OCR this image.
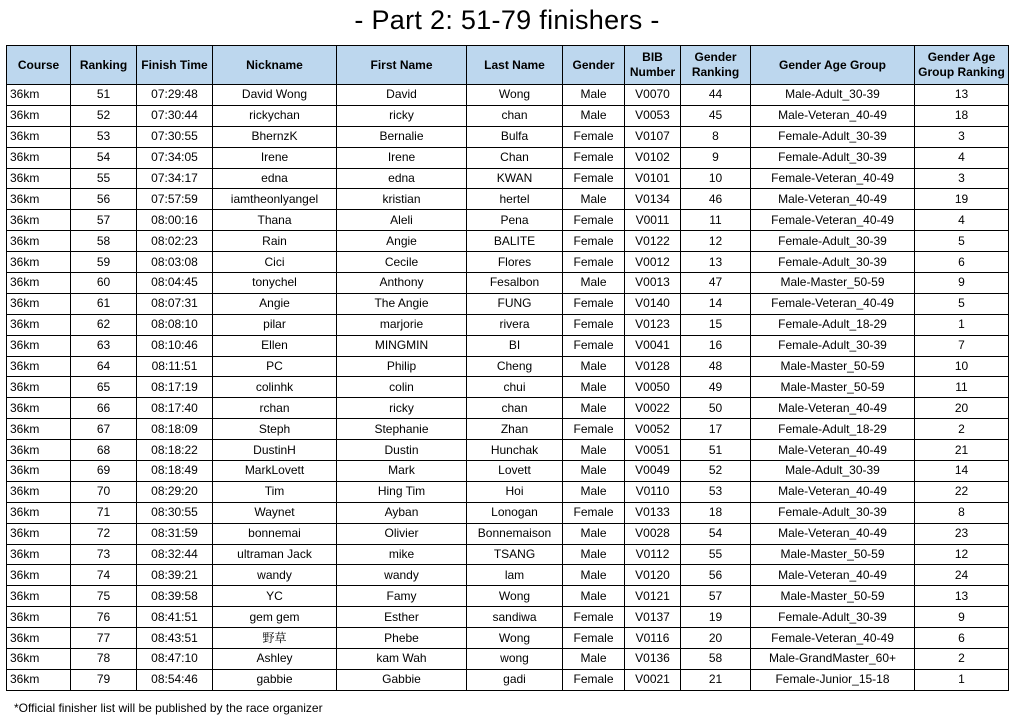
- Part 2: 51-79 finishers -
Course	Ranking	Finish Time	Nickname	First Name	Last Name	Gender	BIB Number	Gender Ranking	Gender Age Group	Gender Age Group Ranking
36km	51	07:29:48	David Wong	David	Wong	Male	V0070	44	Male-Adult_30-39	13
36km	52	07:30:44	rickychan	ricky	chan	Male	V0053	45	Male-Veteran_40-49	18
36km	53	07:30:55	BhernzK	Bernalie	Bulfa	Female	V0107	8	Female-Adult_30-39	3
36km	54	07:34:05	Irene	Irene	Chan	Female	V0102	9	Female-Adult_30-39	4
36km	55	07:34:17	edna	edna	KWAN	Female	V0101	10	Female-Veteran_40-49	3
36km	56	07:57:59	iamtheonlyangel	kristian	hertel	Male	V0134	46	Male-Veteran_40-49	19
36km	57	08:00:16	Thana	Aleli	Pena	Female	V0011	11	Female-Veteran_40-49	4
36km	58	08:02:23	Rain	Angie	BALITE	Female	V0122	12	Female-Adult_30-39	5
36km	59	08:03:08	Cici	Cecile	Flores	Female	V0012	13	Female-Adult_30-39	6
36km	60	08:04:45	tonychel	Anthony	Fesalbon	Male	V0013	47	Male-Master_50-59	9
36km	61	08:07:31	Angie	The Angie	FUNG	Female	V0140	14	Female-Veteran_40-49	5
36km	62	08:08:10	pilar	marjorie	rivera	Female	V0123	15	Female-Adult_18-29	1
36km	63	08:10:46	Ellen	MINGMIN	BI	Female	V0041	16	Female-Adult_30-39	7
36km	64	08:11:51	PC	Philip	Cheng	Male	V0128	48	Male-Master_50-59	10
36km	65	08:17:19	colinhk	colin	chui	Male	V0050	49	Male-Master_50-59	11
36km	66	08:17:40	rchan	ricky	chan	Male	V0022	50	Male-Veteran_40-49	20
36km	67	08:18:09	Steph	Stephanie	Zhan	Female	V0052	17	Female-Adult_18-29	2
36km	68	08:18:22	DustinH	Dustin	Hunchak	Male	V0051	51	Male-Veteran_40-49	21
36km	69	08:18:49	MarkLovett	Mark	Lovett	Male	V0049	52	Male-Adult_30-39	14
36km	70	08:29:20	Tim	Hing Tim	Hoi	Male	V0110	53	Male-Veteran_40-49	22
36km	71	08:30:55	Waynet	Ayban	Lonogan	Female	V0133	18	Female-Adult_30-39	8
36km	72	08:31:59	bonnemai	Olivier	Bonnemaison	Male	V0028	54	Male-Veteran_40-49	23
36km	73	08:32:44	ultraman Jack	mike	TSANG	Male	V0112	55	Male-Master_50-59	12
36km	74	08:39:21	wandy	wandy	lam	Male	V0120	56	Male-Veteran_40-49	24
36km	75	08:39:58	YC	Famy	Wong	Male	V0121	57	Male-Master_50-59	13
36km	76	08:41:51	gem gem	Esther	sandiwa	Female	V0137	19	Female-Adult_30-39	9
36km	77	08:43:51	野草	Phebe	Wong	Female	V0116	20	Female-Veteran_40-49	6
36km	78	08:47:10	Ashley	kam Wah	wong	Male	V0136	58	Male-GrandMaster_60+	2
36km	79	08:54:46	gabbie	Gabbie	gadi	Female	V0021	21	Female-Junior_15-18	1
*Official finisher list will be published by the race organizer
